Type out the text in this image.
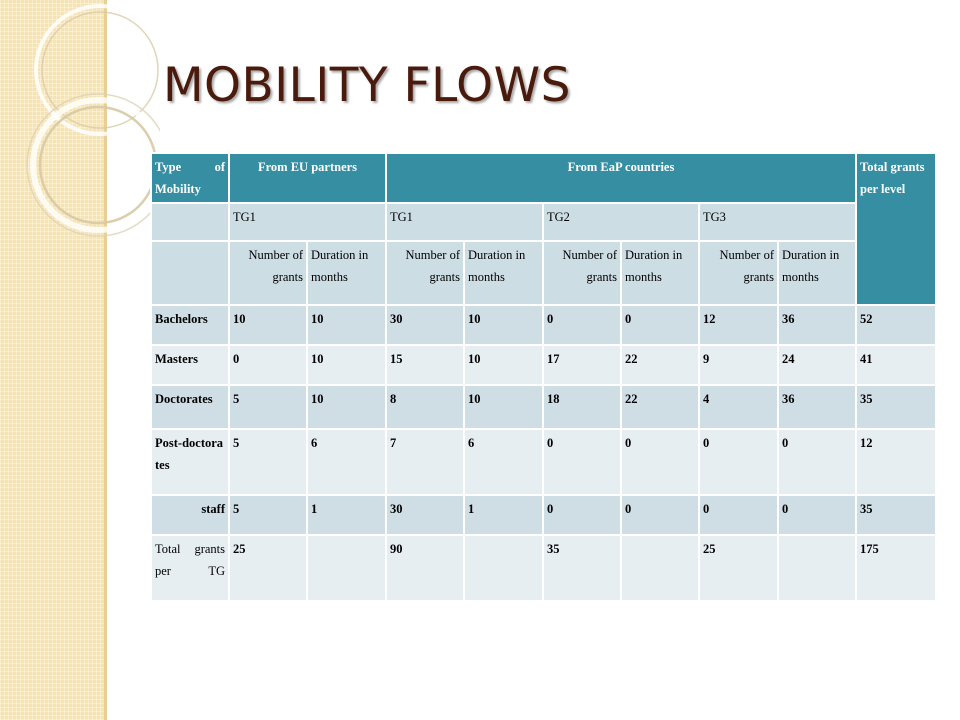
MOBILITY FLOWS
Type of Mobility	From EU partners		From EaP countries						Total grants per level
	TG1		TG1		TG2		TG3		
	Number of grants	Duration in months	Number of grants	Duration in months	Number of grants	Duration in months	Number of grants	Duration in months	
Bachelors	10	10	30	10	0	0	12	36	52
Masters	0	10	15	10	17	22	9	24	41
Doctorates	5	10	8	10	18	22	4	36	35
Post-doctorates	5	6	7	6	0	0	0	0	12
staff	5	1	30	1	0	0	0	0	35
Total grants per TG	25		90		35		25		175
